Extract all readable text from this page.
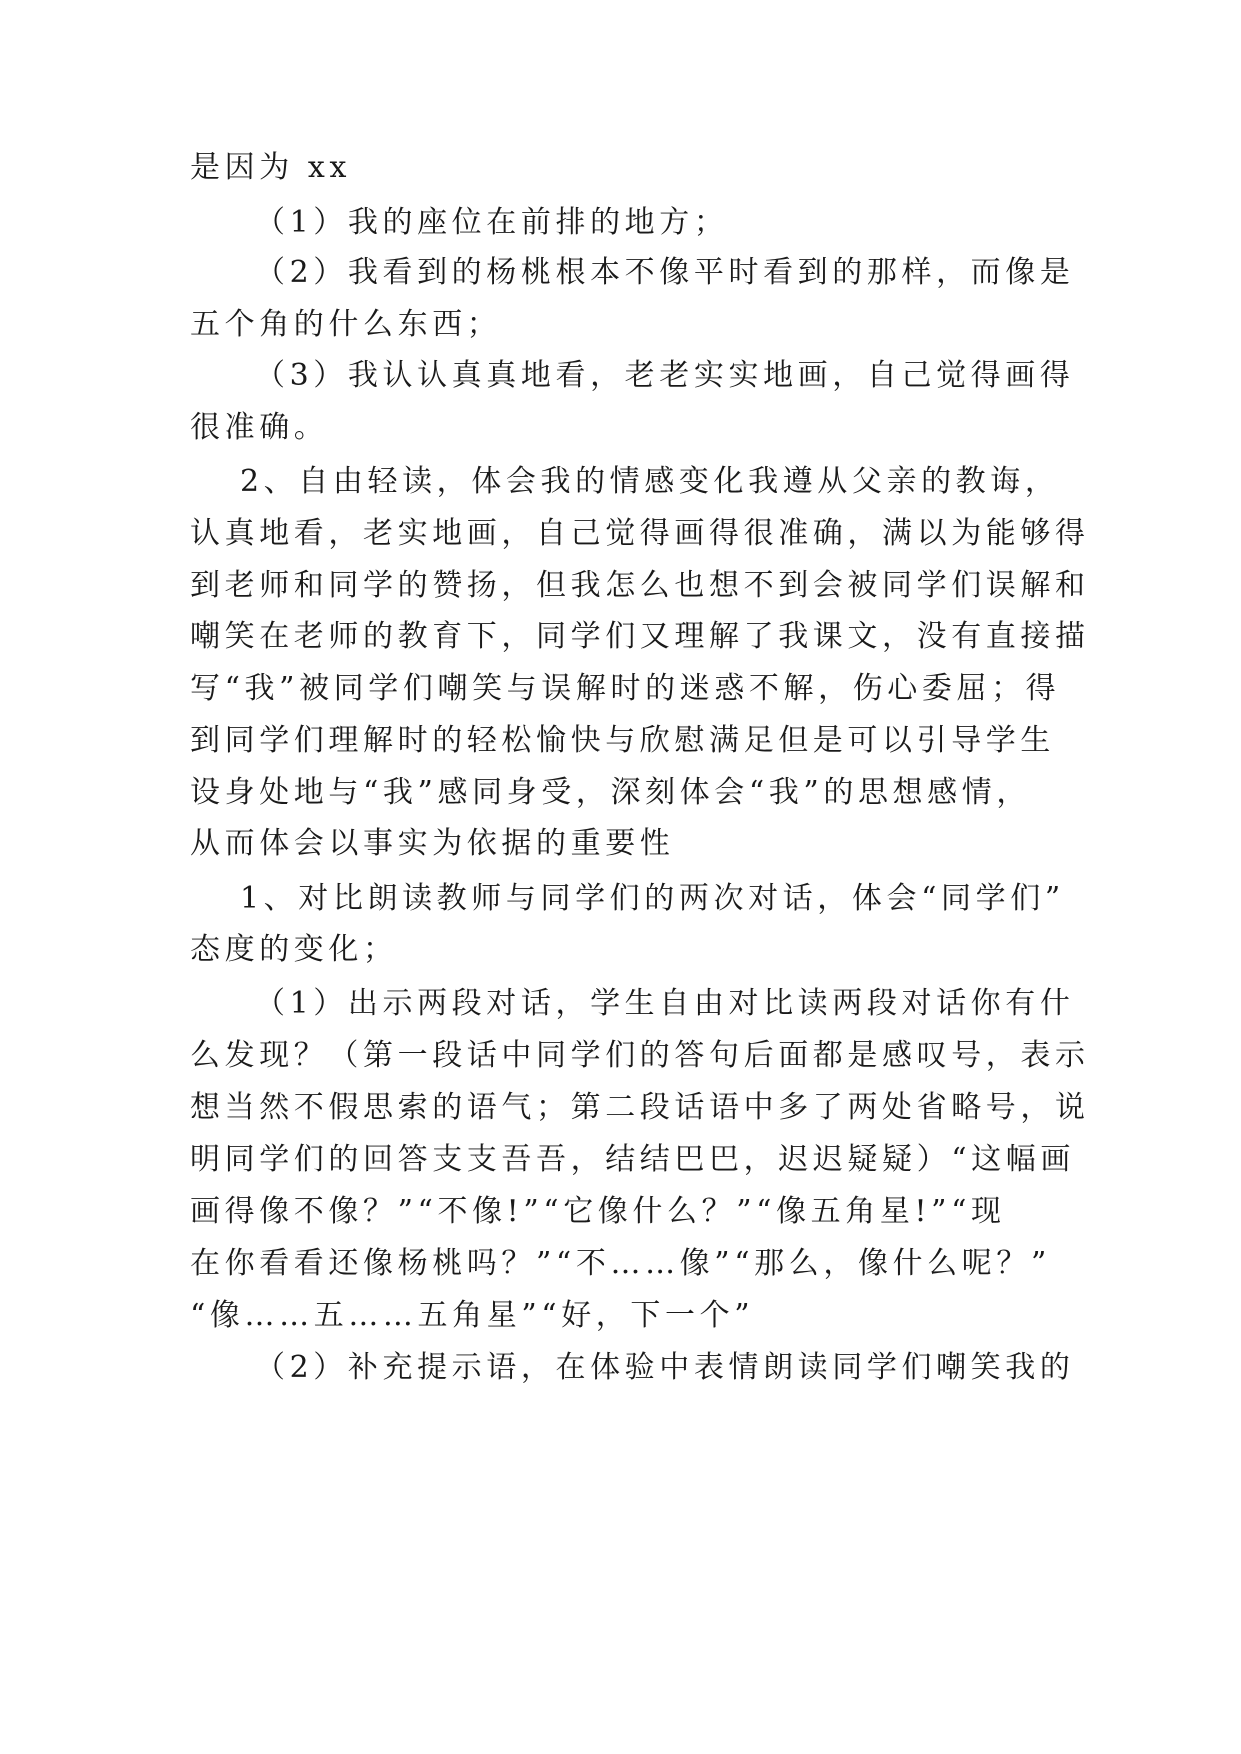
是因为 xx
（1）我的座位在前排的地方；
（2）我看到的杨桃根本不像平时看到的那样，而像是
五个角的什么东西；
（3）我认认真真地看，老老实实地画，自己觉得画得
很准确。
2、自由轻读，体会我的情感变化我遵从父亲的教诲，
认真地看，老实地画，自己觉得画得很准确，满以为能够得
到老师和同学的赞扬，但我怎么也想不到会被同学们误解和
嘲笑在老师的教育下，同学们又理解了我课文，没有直接描
写“我”被同学们嘲笑与误解时的迷惑不解，伤心委屈；得
到同学们理解时的轻松愉快与欣慰满足但是可以引导学生
设身处地与“我”感同身受，深刻体会“我”的思想感情，
从而体会以事实为依据的重要性
1、对比朗读教师与同学们的两次对话，体会“同学们”
态度的变化；
（1）出示两段对话，学生自由对比读两段对话你有什
么发现？（第一段话中同学们的答句后面都是感叹号，表示
想当然不假思索的语气；第二段话语中多了两处省略号，说
明同学们的回答支支吾吾，结结巴巴，迟迟疑疑）“这幅画
画得像不像？”“不像!”“它像什么？”“像五角星!”“现
在你看看还像杨桃吗？”“不……像”“那么，像什么呢？”
“像……五……五角星”“好，下一个”
（2）补充提示语，在体验中表情朗读同学们嘲笑我的
